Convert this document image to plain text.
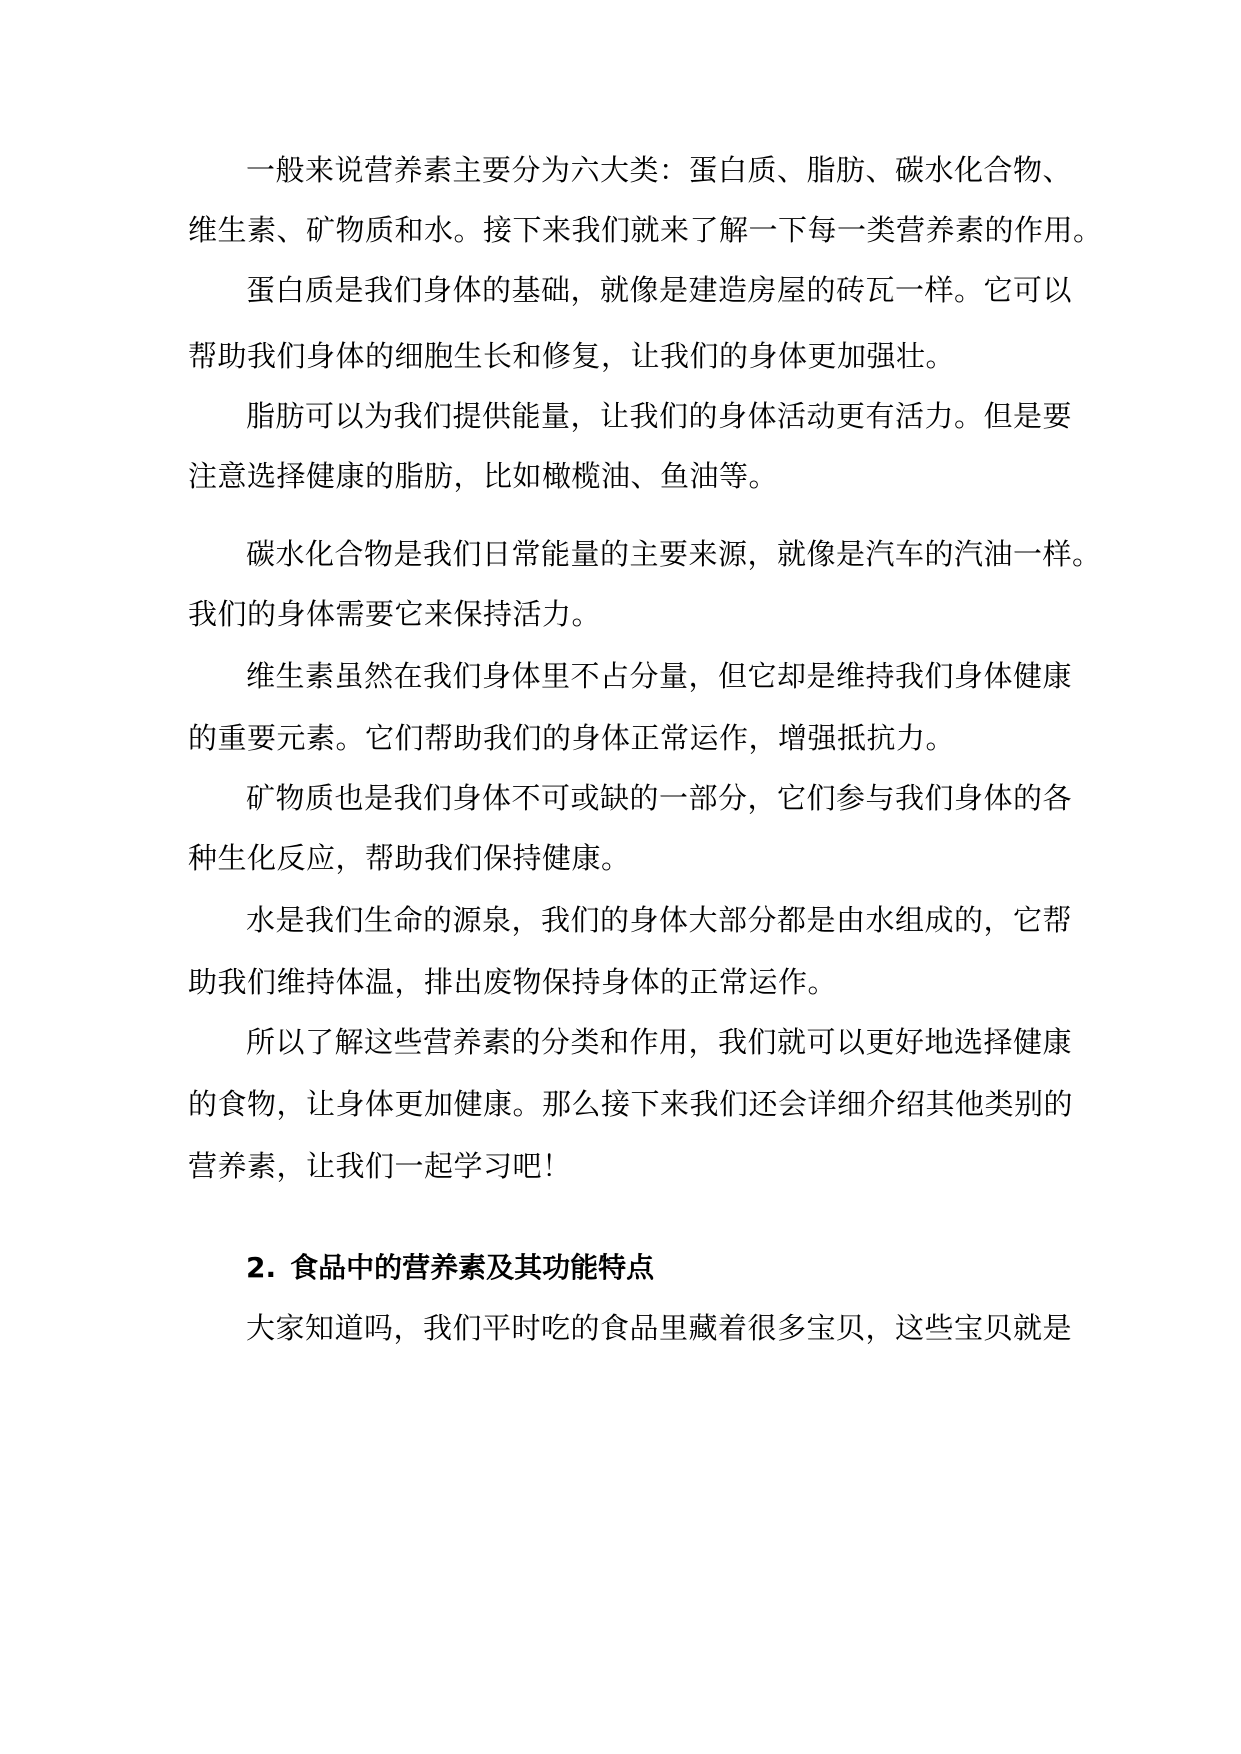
一般来说营养素主要分为六大类：蛋白质、脂肪、碳水化合物、
维生素、矿物质和水。接下来我们就来了解一下每一类营养素的作用。
蛋白质是我们身体的基础，就像是建造房屋的砖瓦一样。它可以
帮助我们身体的细胞生长和修复，让我们的身体更加强壮。
脂肪可以为我们提供能量，让我们的身体活动更有活力。但是要
注意选择健康的脂肪，比如橄榄油、鱼油等。
碳水化合物是我们日常能量的主要来源，就像是汽车的汽油一样。
我们的身体需要它来保持活力。
维生素虽然在我们身体里不占分量，但它却是维持我们身体健康
的重要元素。它们帮助我们的身体正常运作，增强抵抗力。
矿物质也是我们身体不可或缺的一部分，它们参与我们身体的各
种生化反应，帮助我们保持健康。
水是我们生命的源泉，我们的身体大部分都是由水组成的，它帮
助我们维持体温，排出废物保持身体的正常运作。
所以了解这些营养素的分类和作用，我们就可以更好地选择健康
的食物，让身体更加健康。那么接下来我们还会详细介绍其他类别的
营养素，让我们一起学习吧！
2. 食品中的营养素及其功能特点
大家知道吗，我们平时吃的食品里藏着很多宝贝，这些宝贝就是
